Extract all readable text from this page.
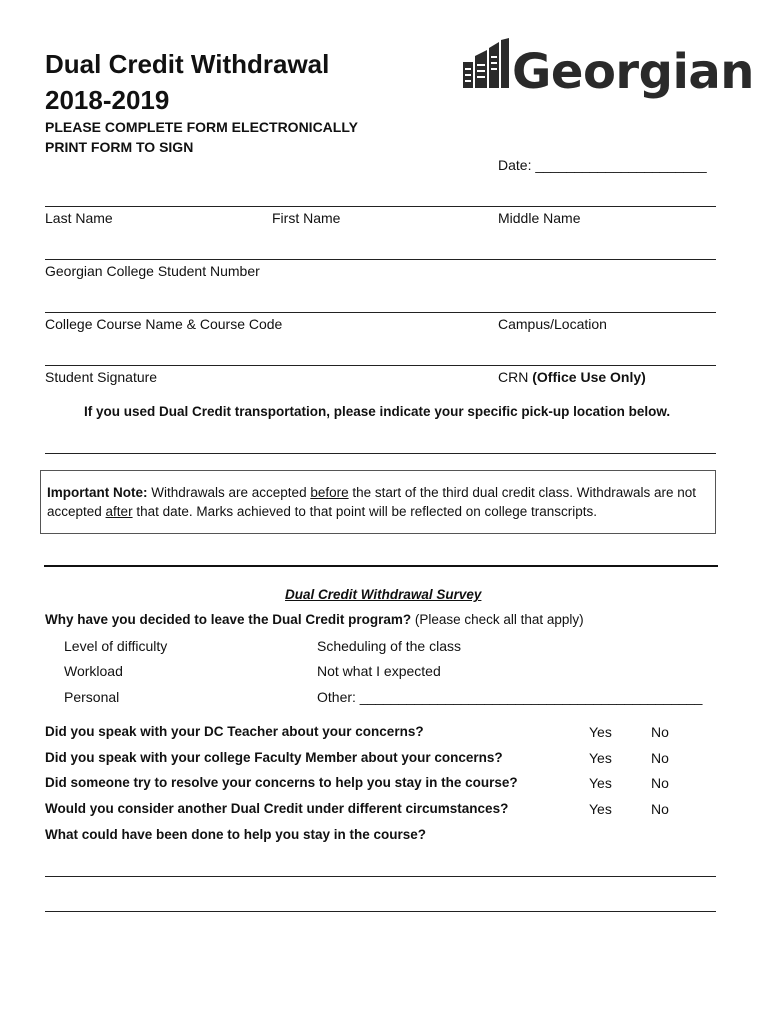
Dual Credit Withdrawal
2018-2019
PLEASE COMPLETE FORM ELECTRONICALLY
PRINT FORM TO SIGN
Georgian
Date: ______________________
Last Name	First Name	Middle Name
Georgian College Student Number
College Course Name & Course Code	Campus/Location
Student Signature	CRN (Office Use Only)
If you used Dual Credit transportation, please indicate your specific pick-up location below.
Important Note: Withdrawals are accepted before the start of the third dual credit class. Withdrawals are not accepted after that date. Marks achieved to that point will be reflected on college transcripts.
Dual Credit Withdrawal Survey
Why have you decided to leave the Dual Credit program? (Please check all that apply)
Level of difficulty	Scheduling of the class
Workload	Not what I expected
Personal	Other: ____________________________________________
Did you speak with your DC Teacher about your concerns?	Yes	No
Did you speak with your college Faculty Member about your concerns?	Yes	No
Did someone try to resolve your concerns to help you stay in the course?	Yes	No
Would you consider another Dual Credit under different circumstances?	Yes	No
What could have been done to help you stay in the course?
